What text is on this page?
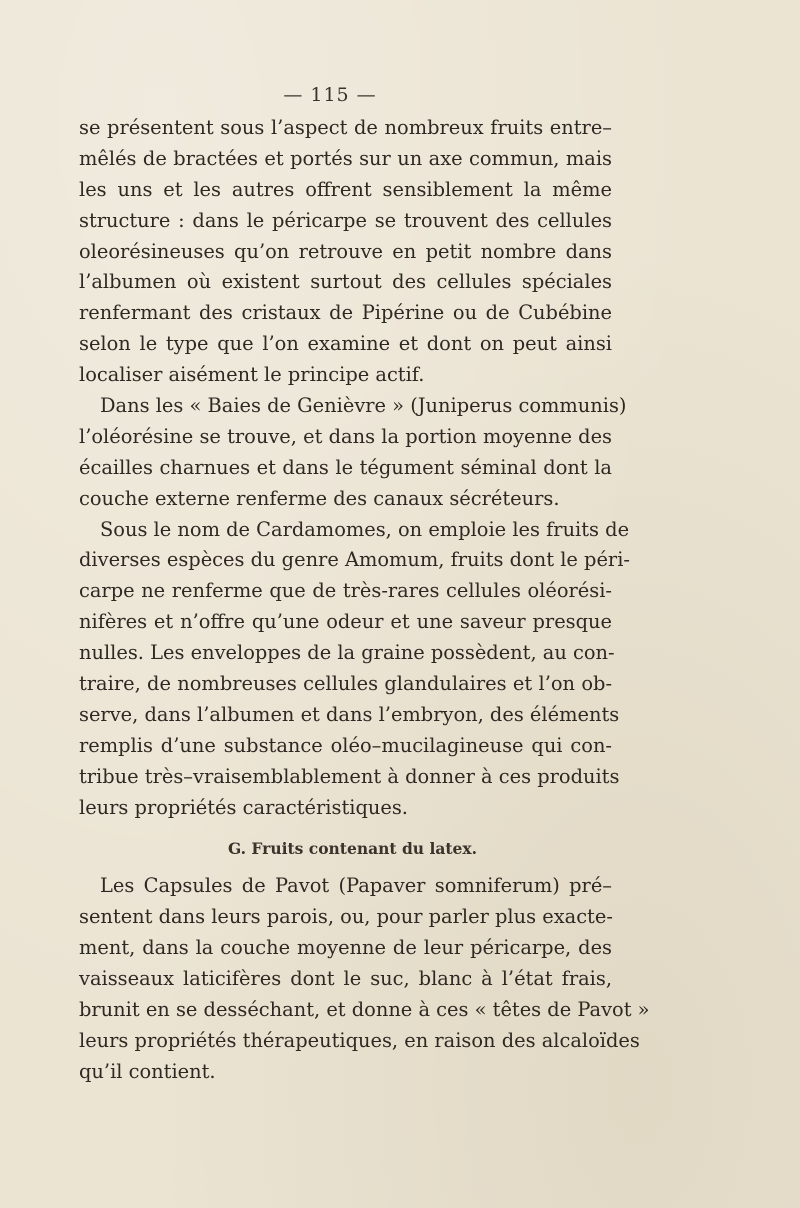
— 115 —
se présentent sous l’aspect de nombreux fruits entre–
mêlés de bractées et portés sur un axe commun, mais
les uns et les autres offrent sensiblement la même
structure : dans le péricarpe se trouvent des cellules
oleorésineuses qu’on retrouve en petit nombre dans
l’albumen où existent surtout des cellules spéciales
renfermant des cristaux de Pipérine ou de Cubébine
selon le type que l’on examine et dont on peut ainsi
localiser aisément le principe actif.
Dans les « Baies de Genièvre » (Juniperus communis)
l’oléorésine se trouve, et dans la portion moyenne des
écailles charnues et dans le tégument séminal dont la
couche externe renferme des canaux sécréteurs.
Sous le nom de Cardamomes, on emploie les fruits de
diverses espèces du genre Amomum, fruits dont le péri-
carpe ne renferme que de très-rares cellules oléorési-
nifères et n’offre qu’une odeur et une saveur presque
nulles. Les enveloppes de la graine possèdent, au con-
traire, de nombreuses cellules glandulaires et l’on ob-
serve, dans l’albumen et dans l’embryon, des éléments
remplis d’une substance oléo–mucilagineuse qui con-
tribue très–vraisemblablement à donner à ces produits
leurs propriétés caractéristiques.
G. Fruits contenant du latex.
Les Capsules de Pavot (Papaver somniferum) pré–
sentent dans leurs parois, ou, pour parler plus exacte-
ment, dans la couche moyenne de leur péricarpe, des
vaisseaux laticifères dont le suc, blanc à l’état frais,
brunit en se desséchant, et donne à ces « têtes de Pavot »
leurs propriétés thérapeutiques, en raison des alcaloïdes
qu’il contient.
